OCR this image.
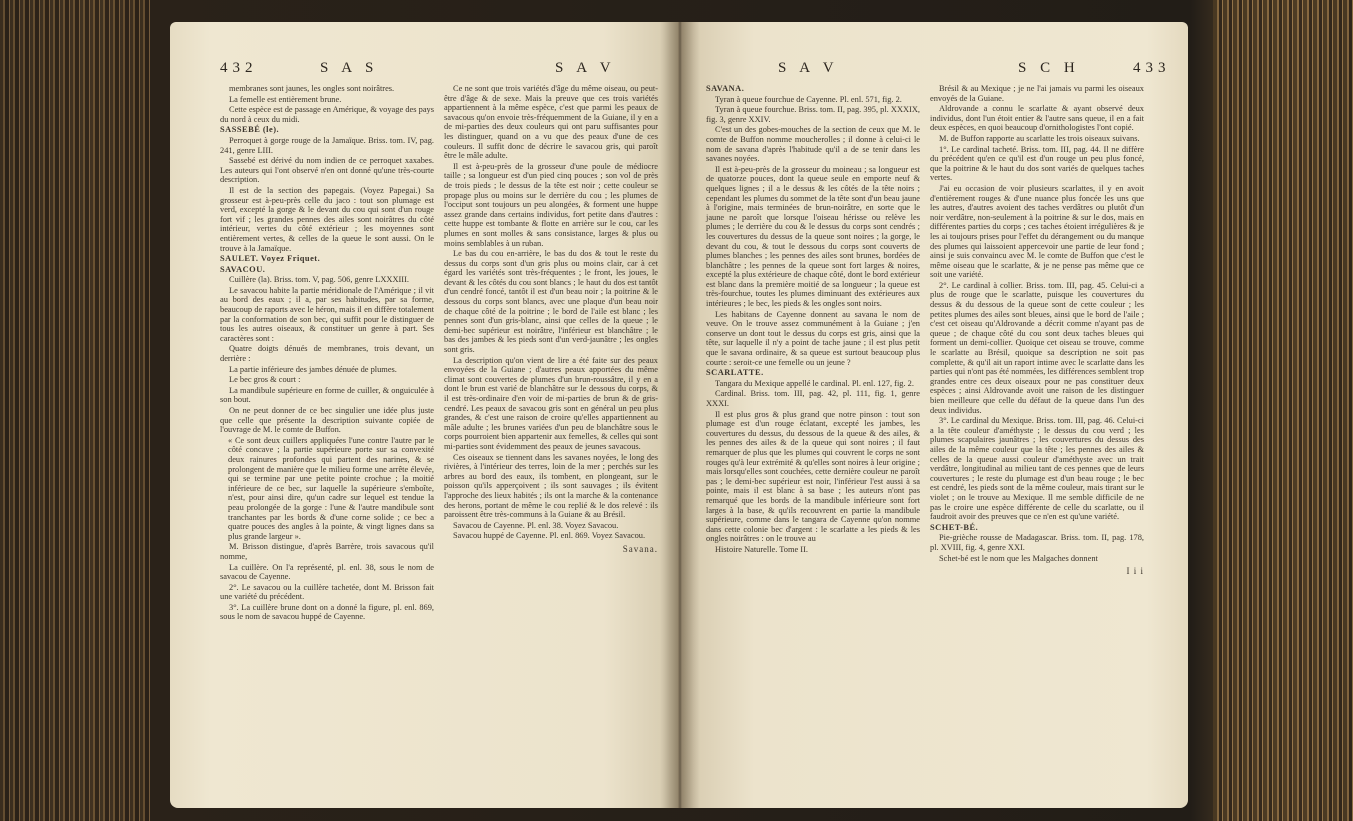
432	S A S	S A V

membranes sont jaunes, les ongles sont noirâtres.

La femelle est entièrement brune.

Cette espèce est de passage en Amérique, & voyage des pays du nord à ceux du midi.

SASSEBÉ (le).

Perroquet à gorge rouge de la Jamaïque. Briss. tom. IV, pag. 241, genre LIII.

Sassebé est dérivé du nom indien de ce perroquet xaxabes. Les auteurs qui l'ont observé n'en ont donné qu'une très-courte description.

Il est de la section des papegais. (Voyez Papegai.) Sa grosseur est à-peu-près celle du jaco : tout son plumage est verd, excepté la gorge & le devant du cou qui sont d'un rouge fort vif ; les grandes pennes des ailes sont noirâtres du côté intérieur, vertes du côté extérieur ; les moyennes sont entièrement vertes, & celles de la queue le sont aussi. On le trouve à la Jamaïque.

SAULET. Voyez Friquet.

SAVACOU.

Cuillère (la). Briss. tom. V, pag. 506, genre LXXXIII.

Le savacou habite la partie méridionale de l'Amérique ; il vit au bord des eaux ; il a, par ses habitudes, par sa forme, beaucoup de raports avec le héron, mais il en diffère totalement par la conformation de son bec, qui suffit pour le distinguer de tous les autres oiseaux, & constituer un genre à part. Ses caractères sont :

Quatre doigts dénués de membranes, trois devant, un derrière :

La partie inférieure des jambes dénuée de plumes.

Le bec gros & court :

La mandibule supérieure en forme de cuiller, & onguiculée à son bout.

On ne peut donner de ce bec singulier une idée plus juste que celle que présente la description suivante copiée de l'ouvrage de M. le comte de Buffon.

« Ce sont deux cuillers appliquées l'une contre l'autre par le côté concave ; la partie supérieure porte sur sa convexité deux rainures profondes qui partent des narines, & se prolongent de manière que le milieu forme une arrête élevée, qui se termine par une petite pointe crochue ; la moitié inférieure de ce bec, sur laquelle la supérieure s'emboîte, n'est, pour ainsi dire, qu'un cadre sur lequel est tendue la peau prolongée de la gorge : l'une & l'autre mandibule sont tranchantes par les bords & d'une corne solide ; ce bec a quatre pouces des angles à la pointe, & vingt lignes dans sa plus grande largeur ».

M. Brisson distingue, d'après Barrère, trois savacous qu'il nomme,

La cuillère. On l'a représenté, pl. enl. 38, sous le nom de savacou de Cayenne.

2°. Le savacou ou la cuillère tachetée, dont M. Brisson fait une variété du précédent.

3°. La cuillère brune dont on a donné la figure, pl. enl. 869, sous le nom de savacou huppé de Cayenne.

Ce ne sont que trois variétés d'âge du même oiseau, ou peut-être d'âge & de sexe. Mais la preuve que ces trois variétés appartiennent à la même espèce, c'est que parmi les peaux de savacous qu'on envoie très-fréquemment de la Guiane, il y en a de mi-parties des deux couleurs qui ont paru suffisantes pour les distinguer, quand on a vu que des peaux d'une de ces couleurs. Il suffit donc de décrire le savacou gris, qui paroît être le mâle adulte.

Il est à-peu-près de la grosseur d'une poule de médiocre taille ; sa longueur est d'un pied cinq pouces ; son vol de près de trois pieds ; le dessus de la tête est noir ; cette couleur se propage plus ou moins sur le derrière du cou ; les plumes de l'occiput sont toujours un peu alongées, & forment une huppe assez grande dans certains individus, fort petite dans d'autres : cette huppe est tombante & flotte en arrière sur le cou, car les plumes en sont molles & sans consistance, larges & plus ou moins semblables à un ruban.

Le bas du cou en-arrière, le bas du dos & tout le reste du dessus du corps sont d'un gris plus ou moins clair, car à cet égard les variétés sont très-fréquentes ; le front, les joues, le devant & les côtés du cou sont blancs ; le haut du dos est tantôt d'un cendré foncé, tantôt il est d'un beau noir ; la poitrine & le dessous du corps sont blancs, avec une plaque d'un beau noir de chaque côté de la poitrine ; le bord de l'aile est blanc ; les pennes sont d'un gris-blanc, ainsi que celles de la queue ; le demi-bec supérieur est noirâtre, l'inférieur est blanchâtre ; le bas des jambes & les pieds sont d'un verd-jaunâtre ; les ongles sont gris.

La description qu'on vient de lire a été faite sur des peaux envoyées de la Guiane ; d'autres peaux apportées du même climat sont couvertes de plumes d'un brun-roussâtre, il y en a dont le brun est varié de blanchâtre sur le dessous du corps, & il est très-ordinaire d'en voir de mi-parties de brun & de gris-cendré. Les peaux de savacou gris sont en général un peu plus grandes, & c'est une raison de croire qu'elles appartiennent au mâle adulte ; les brunes variées d'un peu de blanchâtre sous le corps pourroient bien appartenir aux femelles, & celles qui sont mi-parties sont évidemment des peaux de jeunes savacous.

Ces oiseaux se tiennent dans les savanes noyées, le long des rivières, à l'intérieur des terres, loin de la mer ; perchés sur les arbres au bord des eaux, ils tombent, en plongeant, sur le poisson qu'ils apperçoivent ; ils sont sauvages ; ils évitent l'approche des lieux habités ; ils ont la marche & la contenance des herons, portant de même le cou replié & le dos relevé : ils paroissent être très-communs à la Guiane & au Brésil.

Savacou de Cayenne. Pl. enl. 38. Voyez Savacou.

Savacou huppé de Cayenne. Pl. enl. 869. Voyez Savacou.

Savana.

S A V	S C H	433

SAVANA.

Tyran à queue fourchue de Cayenne. Pl. enl. 571, fig. 2.

Tyran à queue fourchue. Briss. tom. II, pag. 395, pl. XXXIX, fig. 3, genre XXIV.

C'est un des gobes-mouches de la section de ceux que M. le comte de Buffon nomme moucherolles ; il donne à celui-ci le nom de savana d'après l'habitude qu'il a de se tenir dans les savanes noyées.

Il est à-peu-près de la grosseur du moineau ; sa longueur est de quatorze pouces, dont la queue seule en emporte neuf & quelques lignes ; il a le dessus & les côtés de la tête noirs ; cependant les plumes du sommet de la tête sont d'un beau jaune à l'origine, mais terminées de brun-noirâtre, en sorte que le jaune ne paroît que lorsque l'oiseau hérisse ou relève les plumes ; le derrière du cou & le dessus du corps sont cendrés ; les couvertures du dessus de la queue sont noires ; la gorge, le devant du cou, & tout le dessous du corps sont couverts de plumes blanches ; les pennes des ailes sont brunes, bordées de blanchâtre ; les pennes de la queue sont fort larges & noires, excepté la plus extérieure de chaque côté, dont le bord extérieur est blanc dans la première moitié de sa longueur ; la queue est très-fourchue, toutes les plumes diminuant des extérieures aux intérieures ; le bec, les pieds & les ongles sont noirs.

Les habitans de Cayenne donnent au savana le nom de veuve. On le trouve assez communément à la Guiane ; j'en conserve un dont tout le dessus du corps est gris, ainsi que la tête, sur laquelle il n'y a point de tache jaune ; il est plus petit que le savana ordinaire, & sa queue est surtout beaucoup plus courte : seroit-ce une femelle ou un jeune ?

SCARLATTE.

Tangara du Mexique appellé le cardinal. Pl. enl. 127, fig. 2.

Cardinal. Briss. tom. III, pag. 42, pl. 111, fig. 1, genre XXXI.

Il est plus gros & plus grand que notre pinson : tout son plumage est d'un rouge éclatant, excepté les jambes, les couvertures du dessus, du dessous de la queue & des ailes, & les pennes des ailes & de la queue qui sont noires ; il faut remarquer de plus que les plumes qui couvrent le corps ne sont rouges qu'à leur extrémité & qu'elles sont noires à leur origine ; mais lorsqu'elles sont couchées, cette dernière couleur ne paroît pas ; le demi-bec supérieur est noir, l'inférieur l'est aussi à sa pointe, mais il est blanc à sa base ; les auteurs n'ont pas remarqué que les bords de la mandibule inférieure sont fort larges à la base, & qu'ils recouvrent en partie la mandibule supérieure, comme dans le tangara de Cayenne qu'on nomme dans cette colonie bec d'argent : le scarlatte a les pieds & les ongles noirâtres : on le trouve au

Histoire Naturelle. Tome II.

Brésil & au Mexique ; je ne l'ai jamais vu parmi les oiseaux envoyés de la Guiane.

Aldrovande a connu le scarlatte & ayant observé deux individus, dont l'un étoit entier & l'autre sans queue, il en a fait deux espèces, en quoi beaucoup d'ornithologistes l'ont copié.

M. de Buffon rapporte au scarlatte les trois oiseaux suivans.

1°. Le cardinal tacheté. Briss. tom. III, pag. 44. Il ne diffère du précédent qu'en ce qu'il est d'un rouge un peu plus foncé, que la poitrine & le haut du dos sont variés de quelques taches vertes.

J'ai eu occasion de voir plusieurs scarlattes, il y en avoit d'entièrement rouges & d'une nuance plus foncée les uns que les autres, d'autres avoient des taches verdâtres ou plutôt d'un noir verdâtre, non-seulement à la poitrine & sur le dos, mais en différentes parties du corps ; ces taches étoient irrégulières & je les ai toujours prises pour l'effet du dérangement ou du manque des plumes qui laissoient appercevoir une partie de leur fond ; ainsi je suis convaincu avec M. le comte de Buffon que c'est le même oiseau que le scarlatte, & je ne pense pas même que ce soit une variété.

2°. Le cardinal à collier. Briss. tom. III, pag. 45. Celui-ci a plus de rouge que le scarlatte, puisque les couvertures du dessus & du dessous de la queue sont de cette couleur ; les petites plumes des ailes sont bleues, ainsi que le bord de l'aile ; c'est cet oiseau qu'Aldrovande a décrit comme n'ayant pas de queue ; de chaque côté du cou sont deux taches bleues qui forment un demi-collier. Quoique cet oiseau se trouve, comme le scarlatte au Brésil, quoique sa description ne soit pas complette, & qu'il ait un raport intime avec le scarlatte dans les parties qui n'ont pas été nommées, les différences semblent trop grandes entre ces deux oiseaux pour ne pas constituer deux espèces ; ainsi Aldrovande avoit une raison de les distinguer bien meilleure que celle du défaut de la queue dans l'un des deux individus.

3°. Le cardinal du Mexique. Briss. tom. III, pag. 46. Celui-ci a la tête couleur d'améthyste ; le dessus du cou verd ; les plumes scapulaires jaunâtres ; les couvertures du dessus des ailes de la même couleur que la tête ; les pennes des ailes & celles de la queue aussi couleur d'améthyste avec un trait verdâtre, longitudinal au milieu tant de ces pennes que de leurs couvertures ; le reste du plumage est d'un beau rouge ; le bec est cendré, les pieds sont de la même couleur, mais tirant sur le violet ; on le trouve au Mexique. Il me semble difficile de ne pas le croire une espèce différente de celle du scarlatte, ou il faudroit avoir des preuves que ce n'en est qu'une variété.

SCHET-BÉ.

Pie-grièche rousse de Madagascar. Briss. tom. II, pag. 178, pl. XVIII, fig. 4, genre XXI.

Schet-bé est le nom que les Malgaches donnent

I i i
